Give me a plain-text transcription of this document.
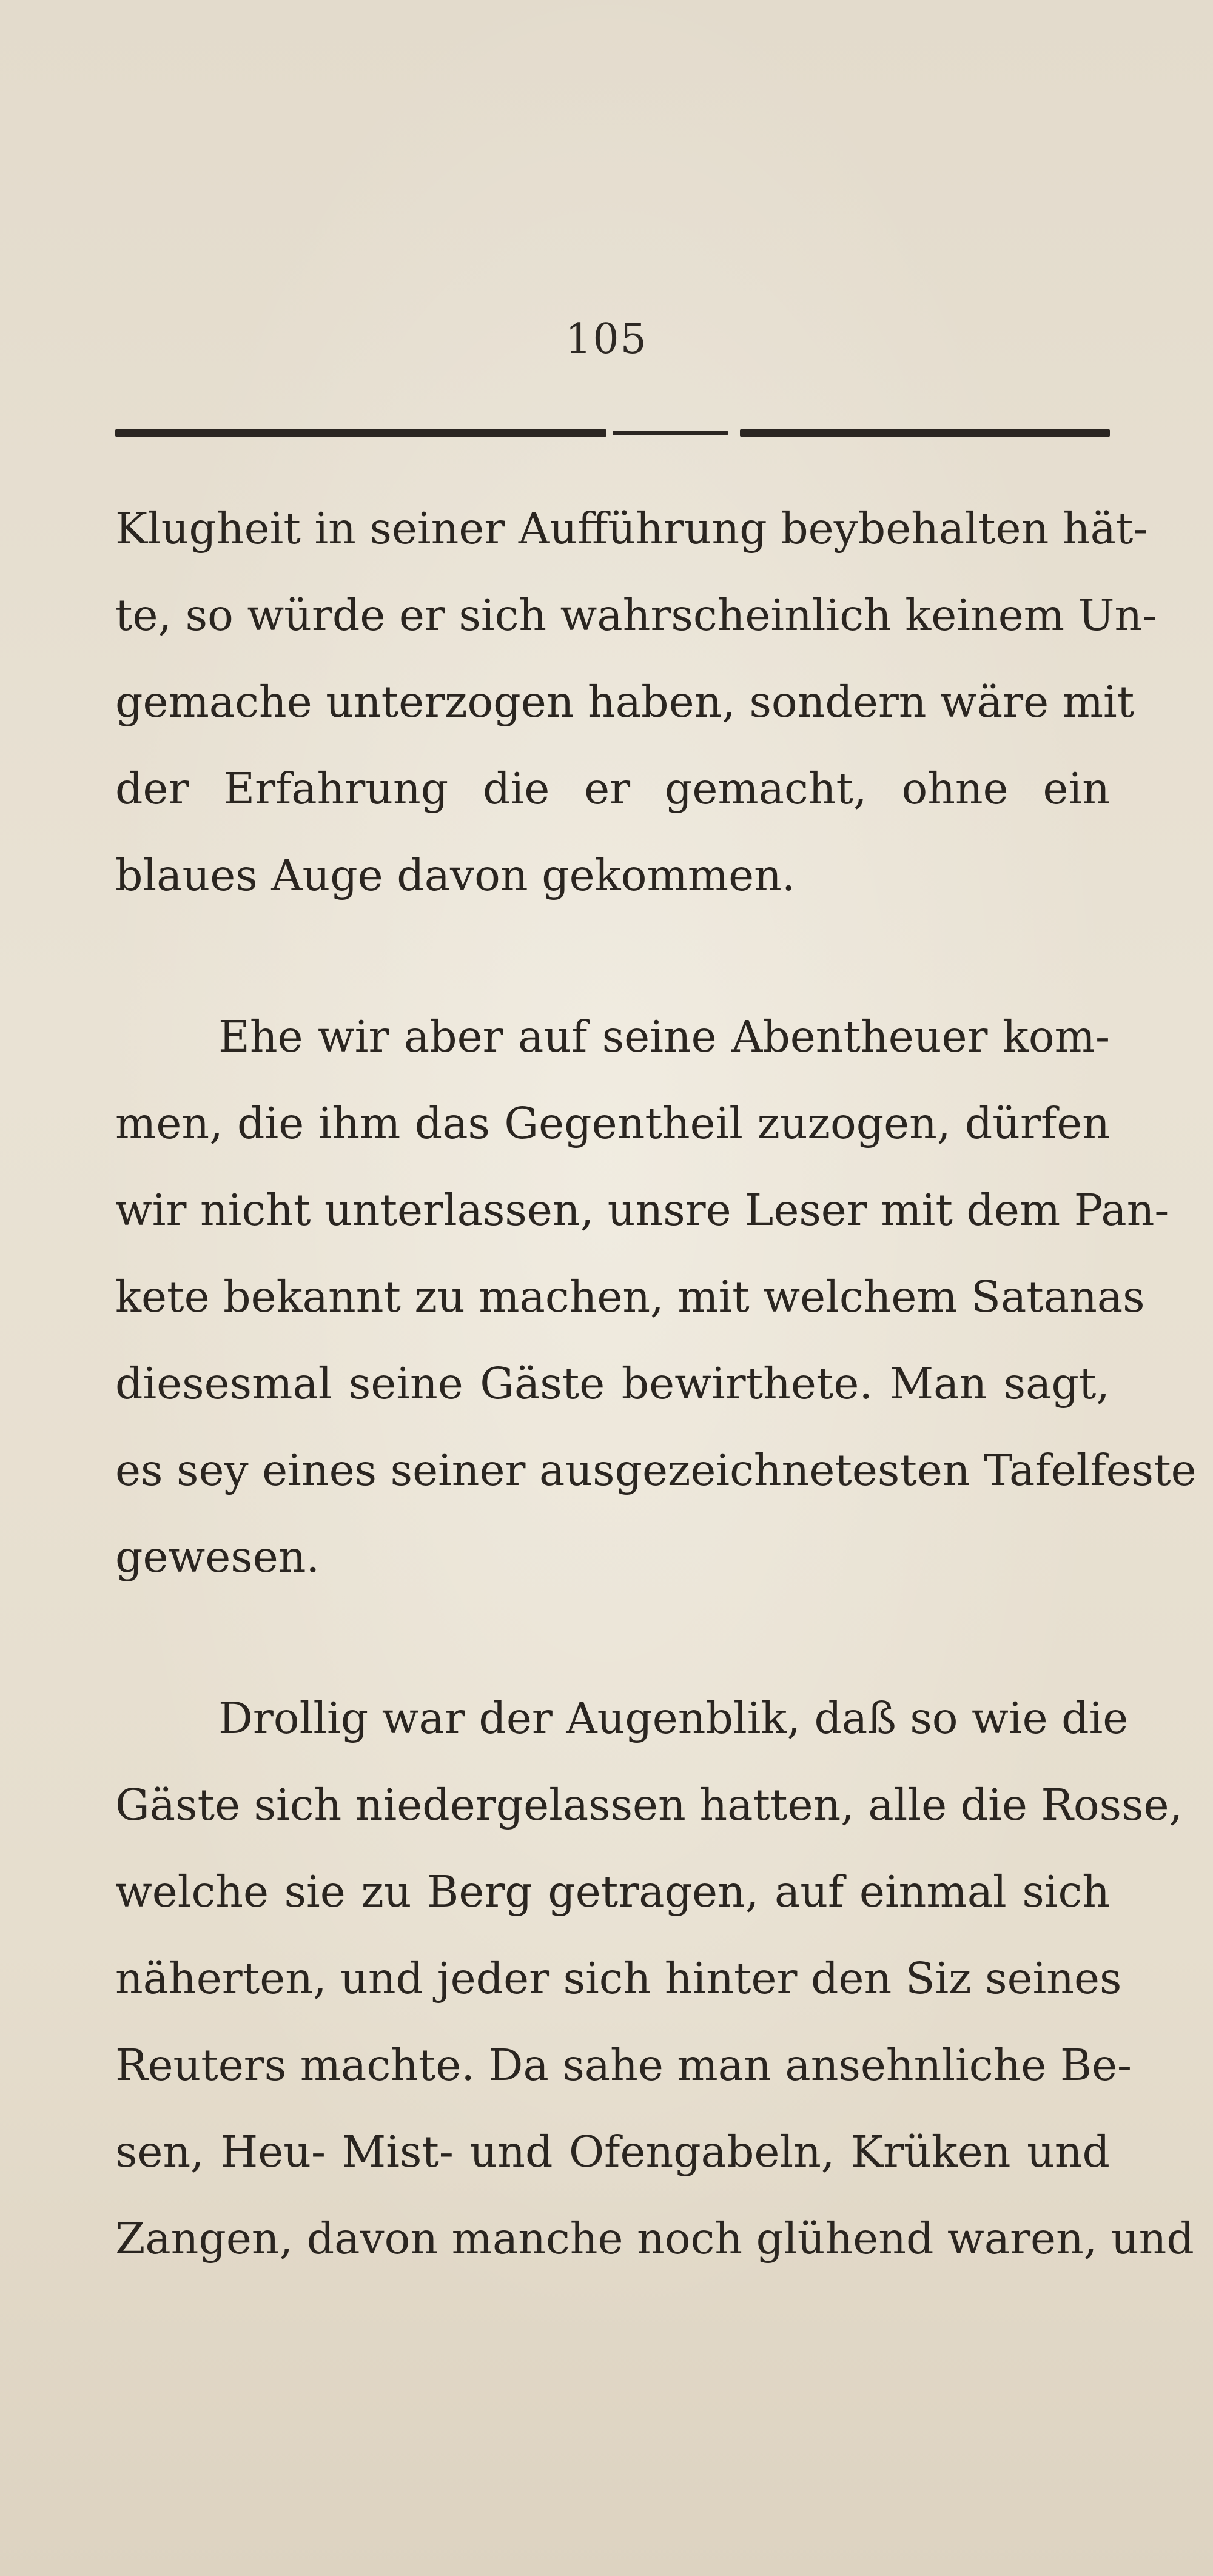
105
Klugheit in seiner Aufführung beybehalten hät-
te, so würde er sich wahrscheinlich keinem Un-
gemache unterzogen haben, sondern wäre mit
der Erfahrung die er gemacht, ohne ein
blaues Auge davon gekommen.
Ehe wir aber auf seine Abentheuer kom-
men, die ihm das Gegentheil zuzogen, dürfen
wir nicht unterlassen, unsre Leser mit dem Pan-
kete bekannt zu machen, mit welchem Satanas
diesesmal seine Gäste bewirthete. Man sagt,
es sey eines seiner ausgezeichnetesten Tafelfeste
gewesen.
Drollig war der Augenblik, daß so wie die
Gäste sich niedergelassen hatten, alle die Rosse,
welche sie zu Berg getragen, auf einmal sich
näherten, und jeder sich hinter den Siz seines
Reuters machte. Da sahe man ansehnliche Be-
sen, Heu- Mist- und Ofengabeln, Krüken und
Zangen, davon manche noch glühend waren, und
